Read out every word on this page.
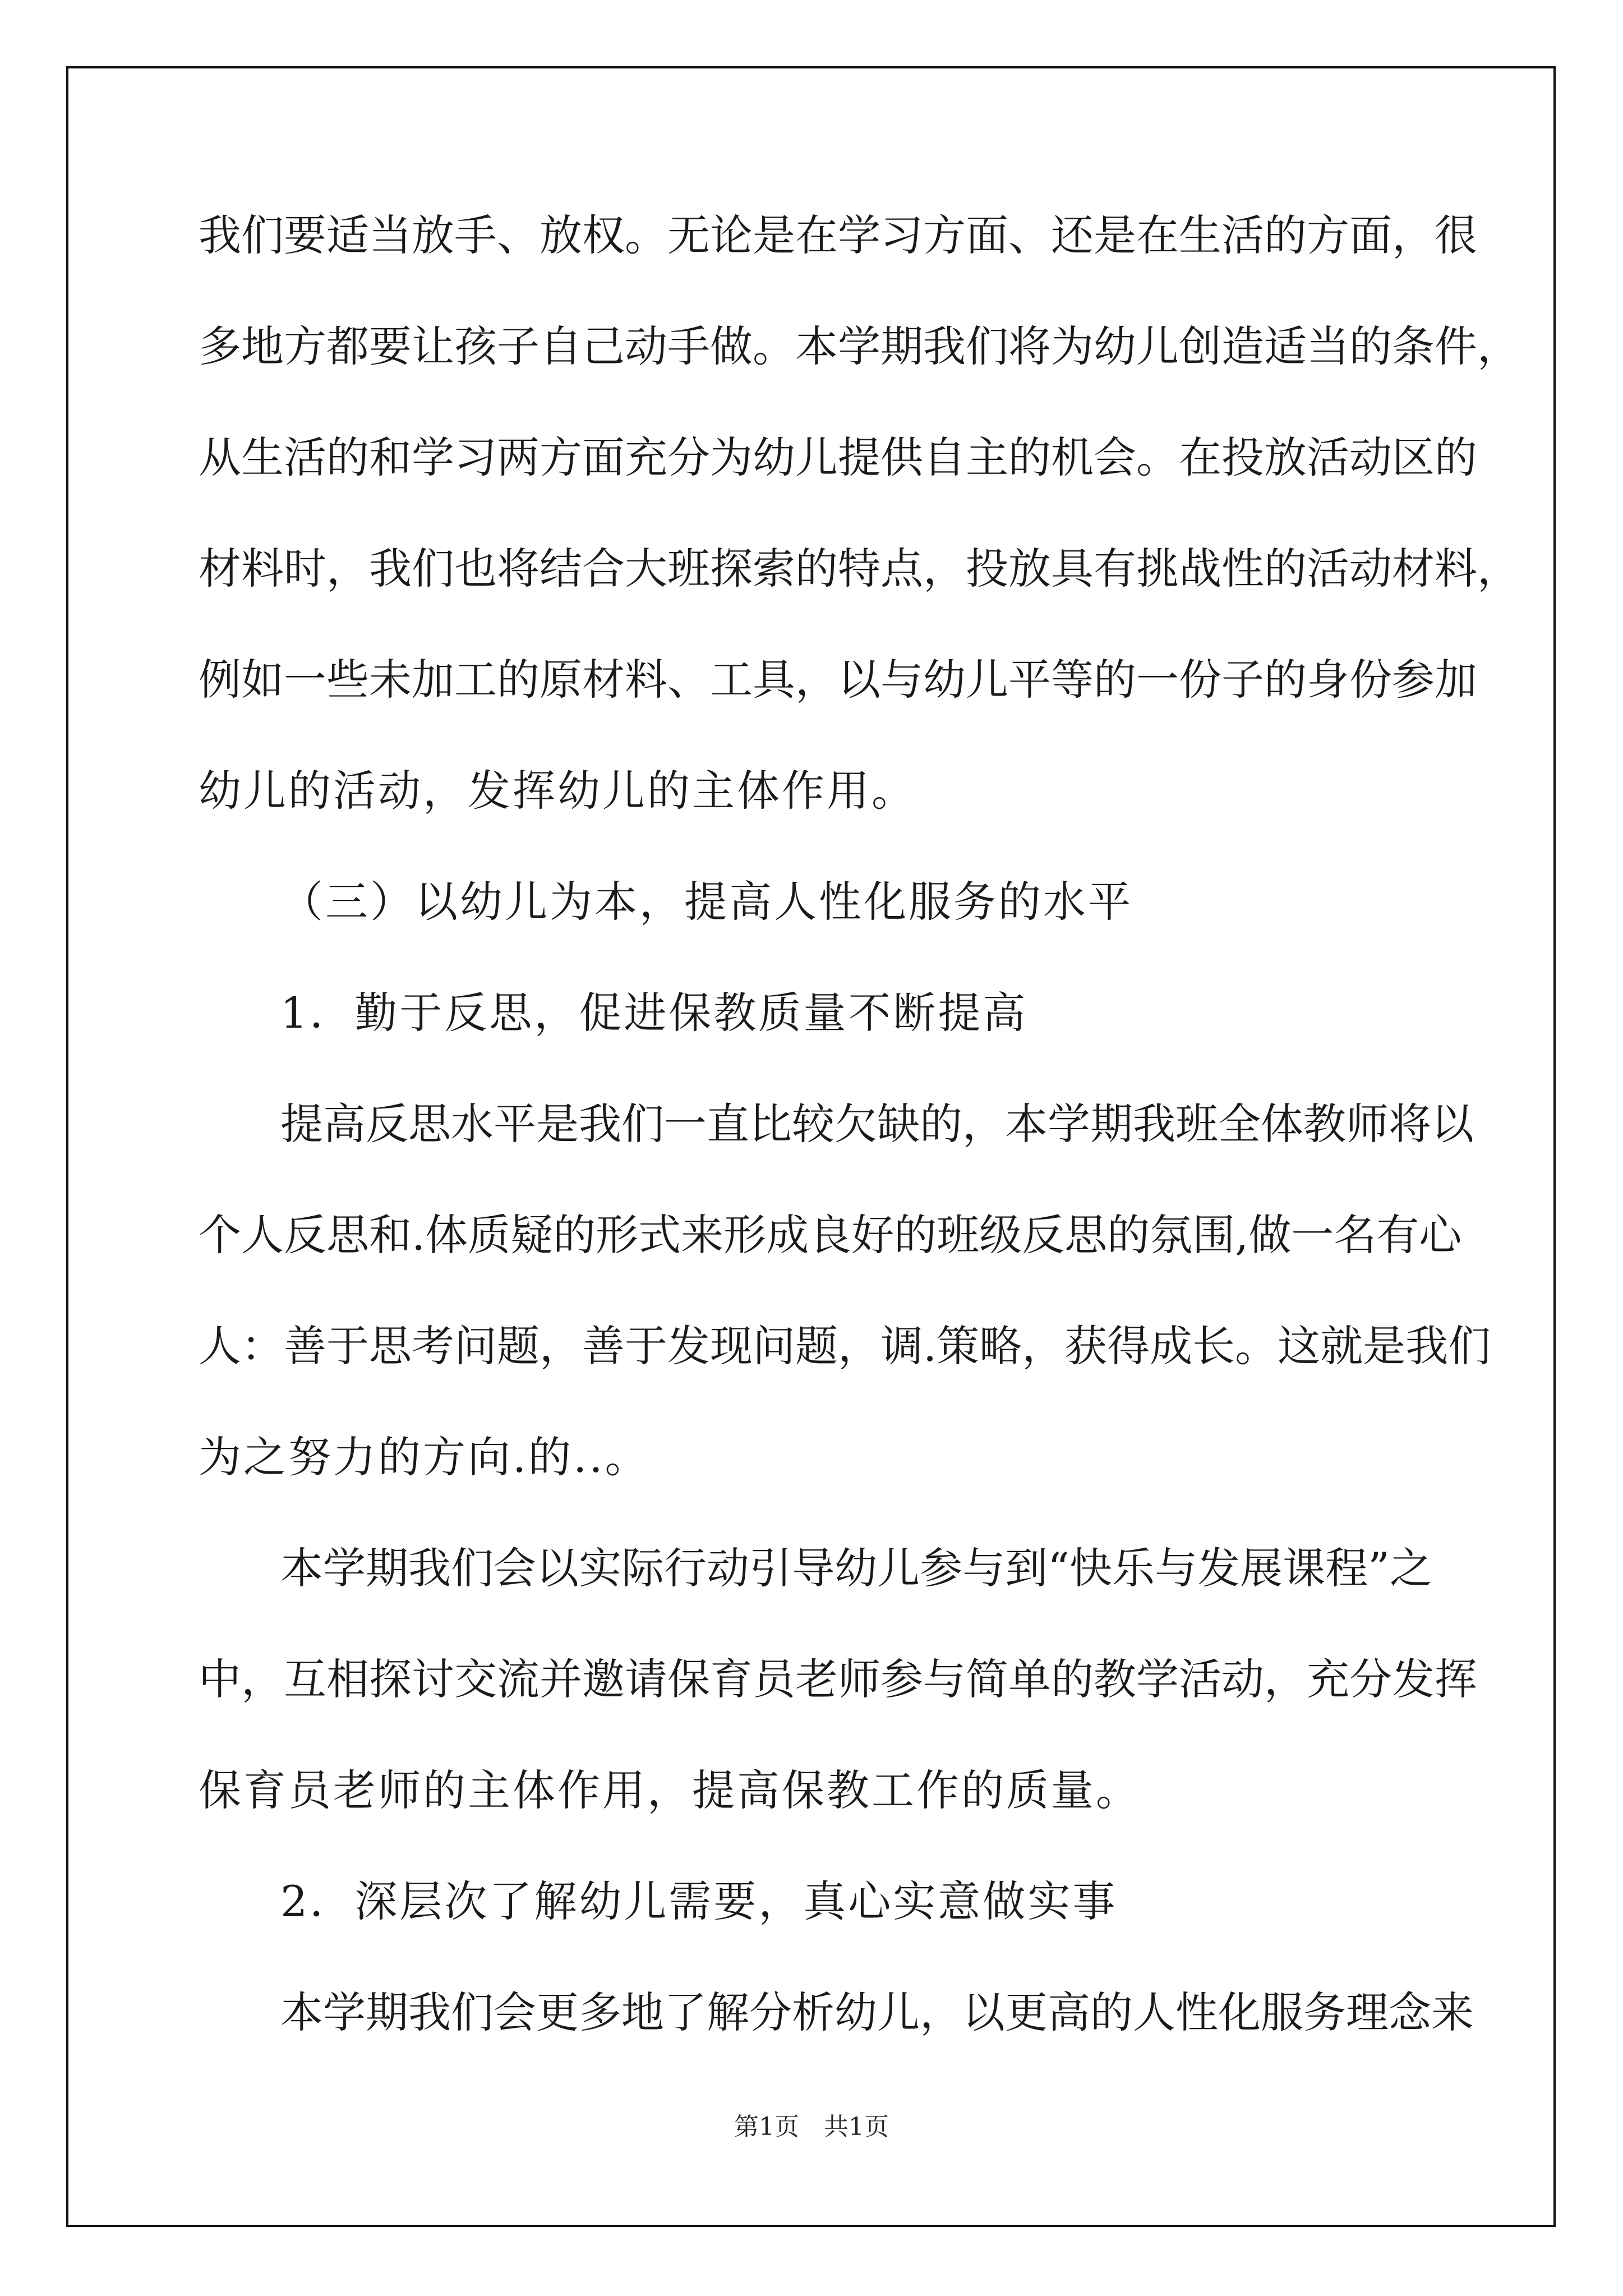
我们要适当放手、放权。无论是在学习方面、还是在生活的方面，很
多地方都要让孩子自己动手做。本学期我们将为幼儿创造适当的条件，
从生活的和学习两方面充分为幼儿提供自主的机会。在投放活动区的
材料时，我们也将结合大班探索的特点，投放具有挑战性的活动材料，
例如一些未加工的原材料、工具，以与幼儿平等的一份子的身份参加
幼儿的活动，发挥幼儿的主体作用。
（三）以幼儿为本，提高人性化服务的水平
1．勤于反思，促进保教质量不断提高
提高反思水平是我们一直比较欠缺的，本学期我班全体教师将以
个人反思和.体质疑的形式来形成良好的班级反思的氛围,做一名有心
人：善于思考问题，善于发现问题，调.策略，获得成长。这就是我们
为之努力的方向.的..。
本学期我们会以实际行动引导幼儿参与到“快乐与发展课程”之
中，互相探讨交流并邀请保育员老师参与简单的教学活动，充分发挥
保育员老师的主体作用，提高保教工作的质量。
2．深层次了解幼儿需要，真心实意做实事
本学期我们会更多地了解分析幼儿，以更高的人性化服务理念来
第1页　共1页
